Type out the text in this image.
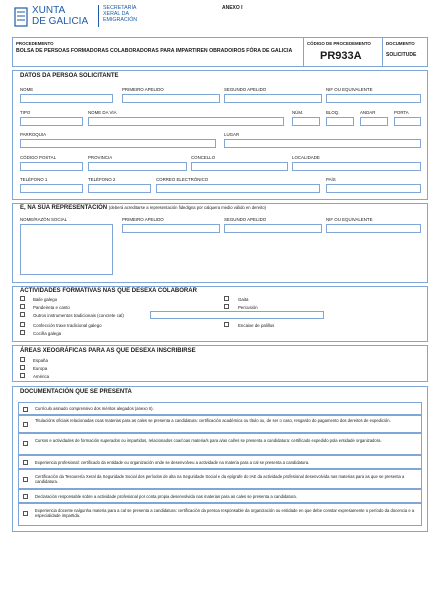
XUNTA
DE GALICIA
SECRETARÍA
XERAL DA
EMIGRACIÓN
ANEXO I
PROCEDEMENTO
BOLSA DE PERSOAS FORMADORAS COLABORADORAS PARA IMPARTIREN OBRADOIROS FÓRA DE GALICIA
CÓDIGO DE PROCEDEMENTO
PR933A
DOCUMENTO
SOLICITUDE
DATOS DA PERSOA SOLICITANTE
NOME	PRIMEIRO APELIDO	SEGUNDO APELIDO	NIF OU EQUIVALENTE
TIPO	NOME DA VÍA	NÚM.	BLOQ.	ANDAR	PORTA
PARROQUIA	LUGAR
CÓDIGO POSTAL	PROVINCIA	CONCELLO	LOCALIDADE
TELÉFONO 1	TELÉFONO 2	CORREO ELECTRÓNICO	PAÍS
E, NA SÚA REPRESENTACIÓN (deberá acreditarse a representación fidedigna por calquera medio válido en dereito)
NOME/RAZÓN SOCIAL	PRIMEIRO APELIDO	SEGUNDO APELIDO	NIF OU EQUIVALENTE
ACTIVIDADES FORMATIVAS NAS QUE DESEXA COLABORAR
Baile galego
Pandeireta e canto
Outros instrumentos tradicionais (concrete cal)
Confección traxe tradicional galego
Cociña galega
Gaita
Percusión
Encaixe de palillos
ÁREAS XEOGRÁFICAS PARA AS QUE DESEXA INSCRIBIRSE
España
Europa
América
DOCUMENTACIÓN QUE SE PRESENTA
Currículo asinado comprensivo dos méritos alegados (anexo II).
Titulacións oficiais relacionadas coas materias para as cales se presenta a candidatura: certificación académica ou título ou, de ser o caso, resgardo do pagamento dos dereitos de expedición.
Cursos e actividades de formación superados ou impartidos, relacionados coa/coas materia/s para a/as cal/es se presenta a candidatura: certificado expedido pola entidade organizadora.
Experiencia profesional: certificado da entidade ou organización onde se desenvolveu a actividade na materia para a cal se presenta a candidatura.
Certificación da Tesourería Xeral da Seguridade Social dos períodos de alta na Seguridade Social e da epígrafe do IAE da actividade profesional desenvolvida nas materias para as que se presenta a candidatura.
Declaración responsable sobre a actividade profesional por conta propia desenvolvida nas materias para as cales se presenta a candidatura.
Experiencia docente nalgunha materia para a cal se presenta a candidatura: certificación da persoa responsable da organización ou entidade en que debe constar expresamente o período da docencia e a especialidade impartida.
